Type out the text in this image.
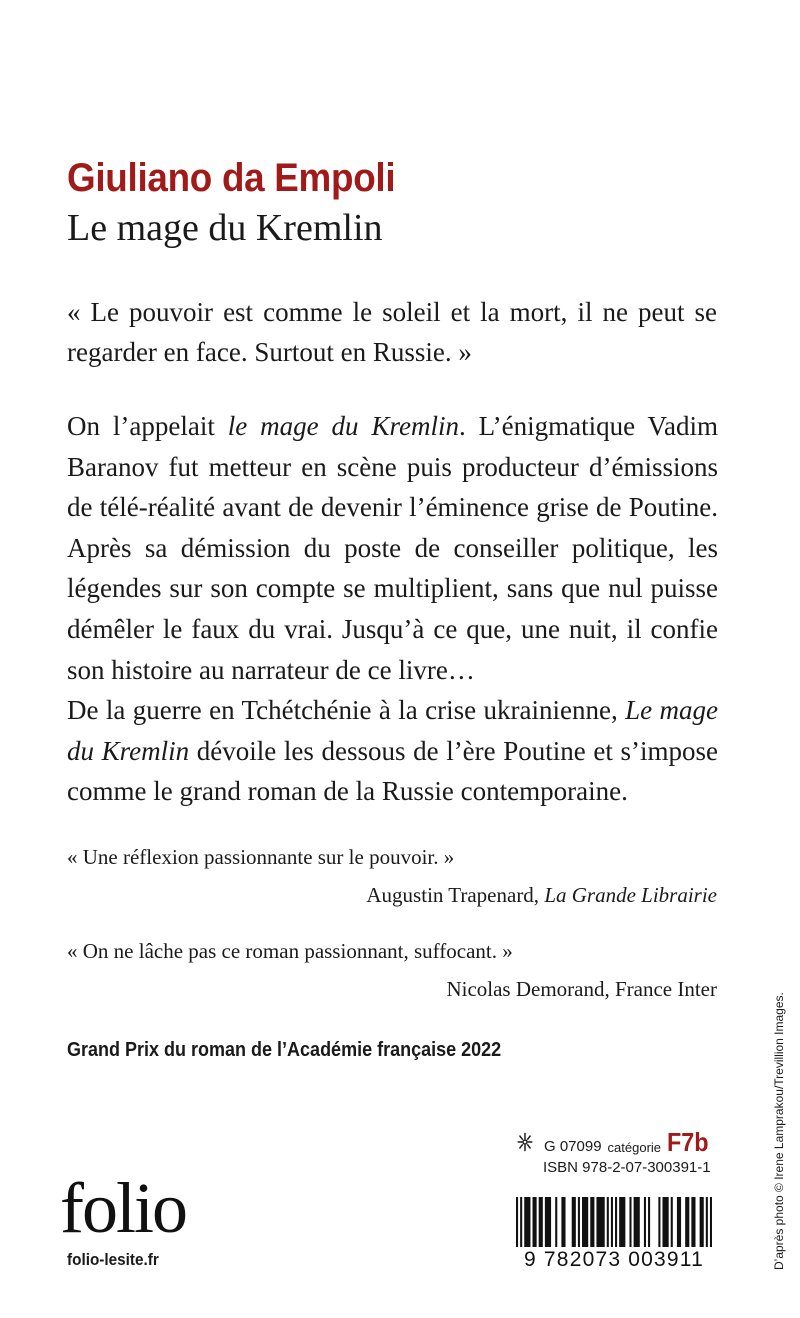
Giuliano da Empoli
Le mage du Kremlin
« Le pouvoir est comme le soleil et la mort, il ne peut se regarder en face. Surtout en Russie. »

On l’appelait le mage du Kremlin. L’énigmatique Vadim Baranov fut metteur en scène puis producteur d’émissions de télé-réalité avant de devenir l’éminence grise de Poutine. Après sa démission du poste de conseiller politique, les légendes sur son compte se multiplient, sans que nul puisse démêler le faux du vrai. Jusqu’à ce que, une nuit, il confie son histoire au narrateur de ce livre…

De la guerre en Tchétchénie à la crise ukrainienne, Le mage du Kremlin dévoile les dessous de l’ère Poutine et s’impose comme le grand roman de la Russie contemporaine.

« Une réflexion passionnante sur le pouvoir. »
Augustin Trapenard, La Grande Librairie
« On ne lâche pas ce roman passionnant, suffocant. »
Nicolas Demorand, France Inter
Grand Prix du roman de l’Académie française 2022
G 07099 catégorie F7b
ISBN 978-2-07-300391-1
folio
folio-lesite.fr	9 782073 003911	D’après photo © Irene Lamprakou/Trevillion Images.
